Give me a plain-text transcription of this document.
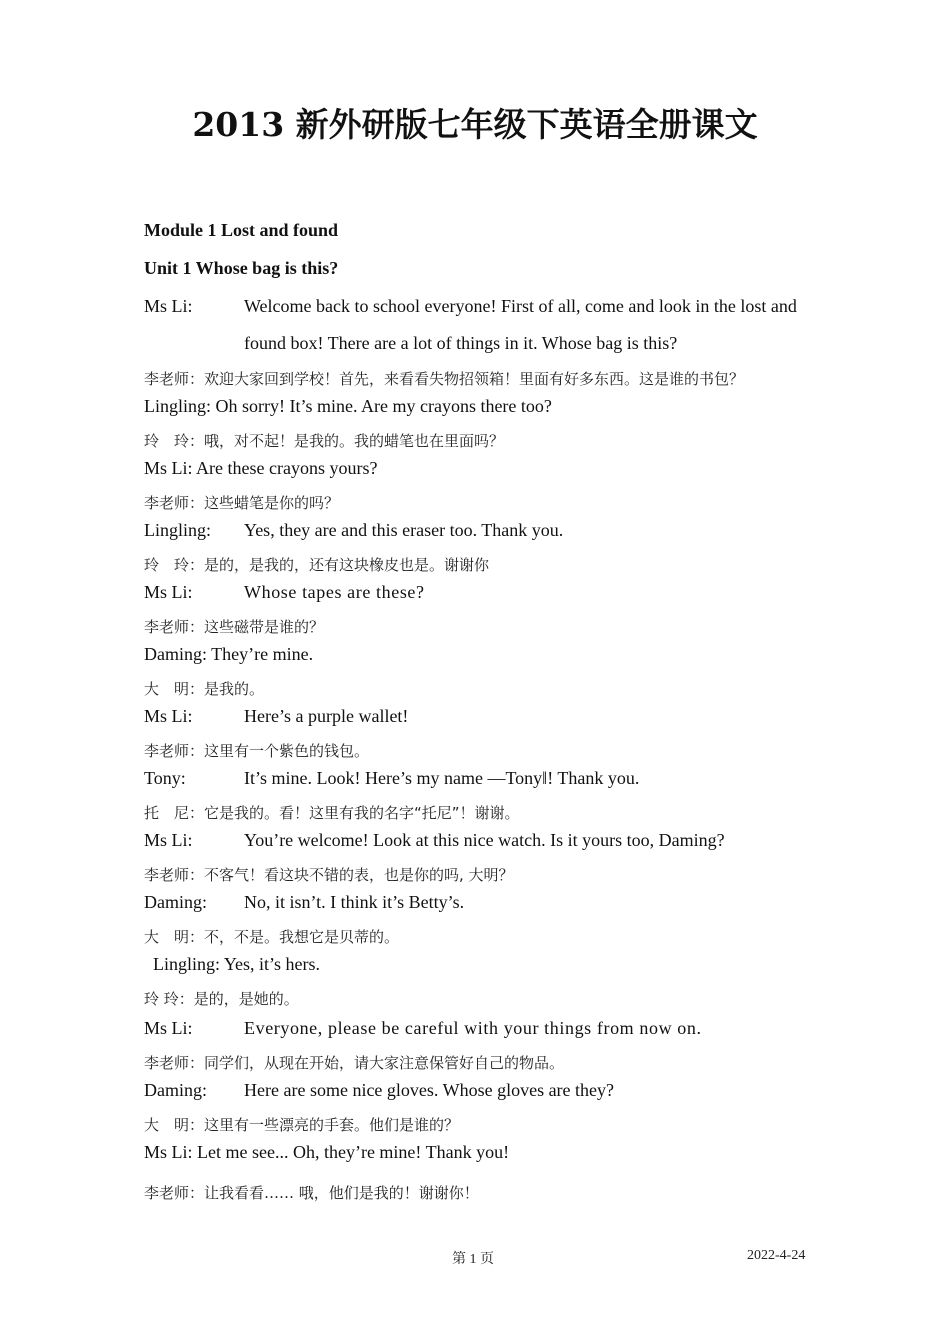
2013 新外研版七年级下英语全册课文
Module 1 Lost and found
Unit 1 Whose bag is this?
Ms Li:	Welcome back to school everyone! First of all, come and look in the lost and found box! There are a lot of things in it. Whose bag is this?
李老师：欢迎大家回到学校！首先，来看看失物招领箱！里面有好多东西。这是谁的书包？
Lingling: Oh sorry! It’s mine. Are my crayons there too?
玲　玲：哦，对不起！是我的。我的蜡笔也在里面吗？
Ms Li: Are these crayons yours?
李老师：这些蜡笔是你的吗？
Lingling: Yes, they are and this eraser too. Thank you.
玲　玲：是的，是我的，还有这块橡皮也是。谢谢你
Ms Li:	Whose tapes are these?
李老师：这些磁带是谁的？
Daming: They’re mine.
大　明：是我的。
Ms Li:	Here’s a purple wallet!
李老师：这里有一个紫色的钱包。
Tony:	It’s mine. Look! Here’s my name ―Tony‖! Thank you.
托　尼：它是我的。看！这里有我的名字“托尼”！谢谢。
Ms Li:	You’re welcome! Look at this nice watch. Is it yours too, Daming?
李老师：不客气！看这块不错的表，也是你的吗, 大明？
Daming: No, it isn’t. I think it’s Betty’s.
大　明：不，不是。我想它是贝蒂的。
Lingling: Yes, it’s hers.
玲 玲：是的，是她的。
Ms Li:	Everyone, please be careful with your things from now on.
李老师：同学们，从现在开始，请大家注意保管好自己的物品。
Daming: Here are some nice gloves. Whose gloves are they?
大　明：这里有一些漂亮的手套。他们是谁的？
Ms Li: Let me see... Oh, they’re mine! Thank you!
李老师：让我看看…… 哦，他们是我的！谢谢你！
第 1 页	2022-4-24
